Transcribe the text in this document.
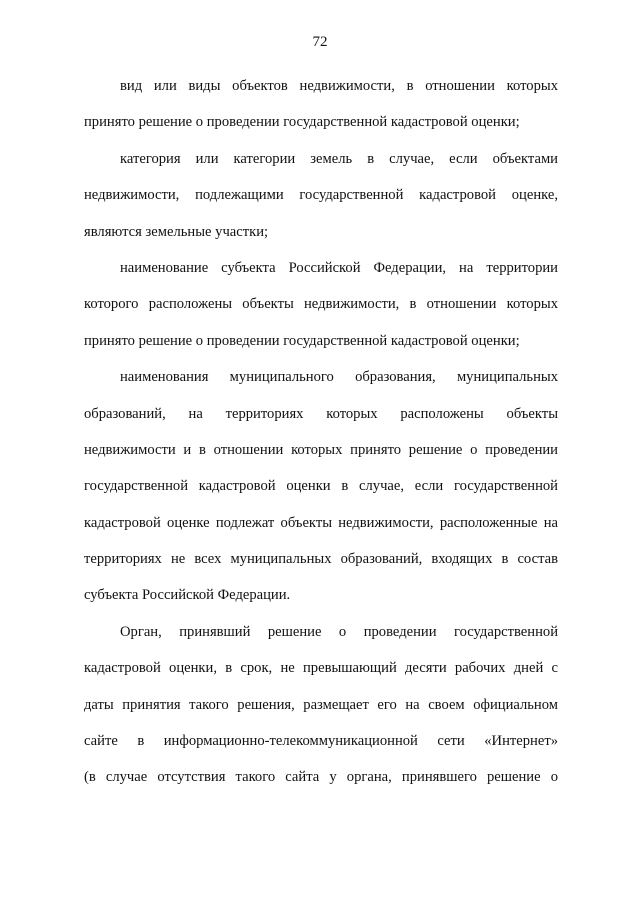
72
вид или виды объектов недвижимости, в отношении которых
принято решение о проведении государственной кадастровой оценки;
категория или категории земель в случае, если объектами
недвижимости, подлежащими государственной кадастровой оценке,
являются земельные участки;
наименование субъекта Российской Федерации, на территории
которого расположены объекты недвижимости, в отношении которых
принято решение о проведении государственной кадастровой оценки;
наименования муниципального образования, муниципальных
образований, на территориях которых расположены объекты
недвижимости и в отношении которых принято решение о проведении
государственной кадастровой оценки в случае, если государственной
кадастровой оценке подлежат объекты недвижимости, расположенные на
территориях не всех муниципальных образований, входящих в состав
субъекта Российской Федерации.
Орган, принявший решение о проведении государственной
кадастровой оценки, в срок, не превышающий десяти рабочих дней с
даты принятия такого решения, размещает его на своем официальном
сайте в информационно-телекоммуникационной сети «Интернет»
(в случае отсутствия такого сайта у органа, принявшего решение о
